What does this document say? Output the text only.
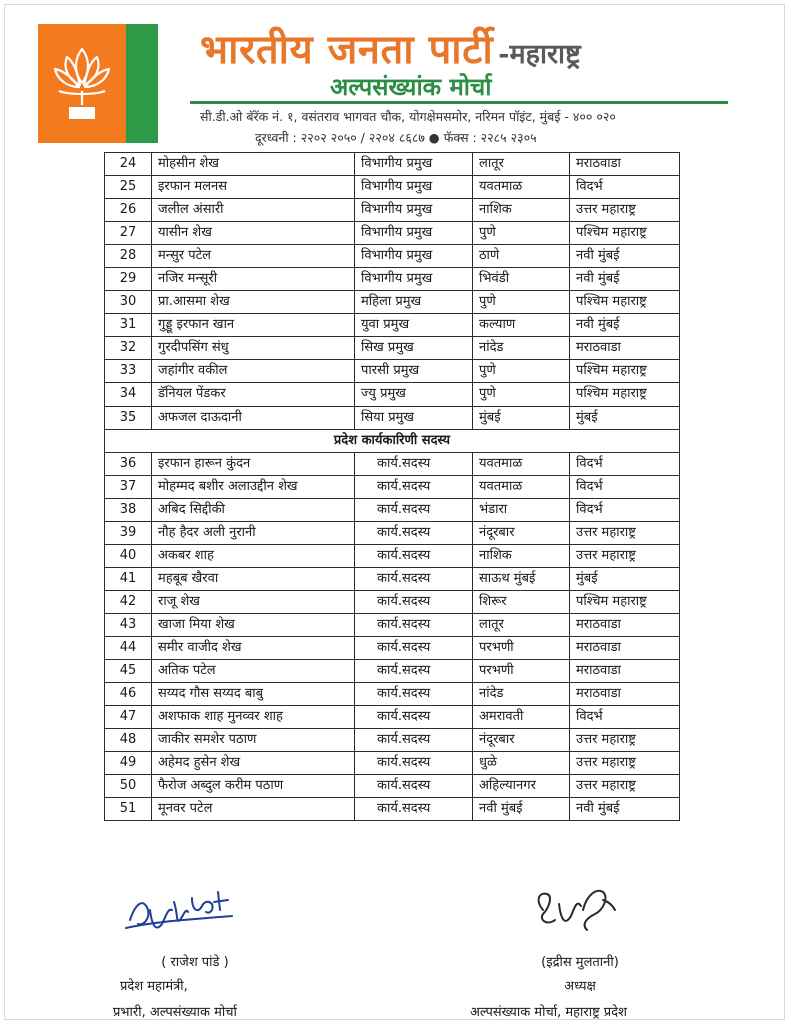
भारतीय जनता पार्टी -महाराष्ट्र
अल्पसंख्यांक मोर्चा
सी.डी.ओ बॅरॅक नं. १, वसंतराव भागवत चौक, योगक्षेमसमोर, नरिमन पॉइंट, मुंबई - ४०० ०२०
दूरध्वनी : २२०२ २०५० / २२०४ ८६८७ ● फॅक्स : २२८५ २३०५
24	मोहसीन शेख	विभागीय प्रमुख	लातूर	मराठवाडा
25	इरफान मलनस	विभागीय प्रमुख	यवतमाळ	विदर्भ
26	जलील अंसारी	विभागीय प्रमुख	नाशिक	उत्तर महाराष्ट्र
27	यासीन शेख	विभागीय प्रमुख	पुणे	पश्चिम महाराष्ट्र
28	मन्सुर पटेल	विभागीय प्रमुख	ठाणे	नवी मुंबई
29	नजिर मन्सूरी	विभागीय प्रमुख	भिवंडी	नवी मुंबई
30	प्रा.आसमा शेख	महिला प्रमुख	पुणे	पश्चिम महाराष्ट्र
31	गुड्डू इरफान खान	युवा प्रमुख	कल्याण	नवी मुंबई
32	गुरदीपसिंग संधु	सिख प्रमुख	नांदेड	मराठवाडा
33	जहांगीर वकील	पारसी प्रमुख	पुणे	पश्चिम महाराष्ट्र
34	डॅनियल पेंडकर	ज्यु प्रमुख	पुणे	पश्चिम महाराष्ट्र
35	अफजल दाऊदानी	सिया प्रमुख	मुंबई	मुंबई
प्रदेश कार्यकारिणी सदस्य				
36	इरफान हारून कुंदन	कार्य.सदस्य	यवतमाळ	विदर्भ
37	मोहम्मद बशीर अलाउद्दीन शेख	कार्य.सदस्य	यवतमाळ	विदर्भ
38	अबिद सिद्दीकी	कार्य.सदस्य	भंडारा	विदर्भ
39	नौह हैदर अली नुरानी	कार्य.सदस्य	नंदूरबार	उत्तर महाराष्ट्र
40	अकबर शाह	कार्य.सदस्य	नाशिक	उत्तर महाराष्ट्र
41	महबूब खैरवा	कार्य.सदस्य	साऊथ मुंबई	मुंबई
42	राजू शेख	कार्य.सदस्य	शिरूर	पश्चिम महाराष्ट्र
43	खाजा मिया शेख	कार्य.सदस्य	लातूर	मराठवाडा
44	समीर वाजीद शेख	कार्य.सदस्य	परभणी	मराठवाडा
45	अतिक पटेल	कार्य.सदस्य	परभणी	मराठवाडा
46	सय्यद गौस सय्यद बाबु	कार्य.सदस्य	नांदेड	मराठवाडा
47	अशफाक शाह मुनव्वर शाह	कार्य.सदस्य	अमरावती	विदर्भ
48	जाकीर समशेर पठाण	कार्य.सदस्य	नंदूरबार	उत्तर महाराष्ट्र
49	अहेमद हुसेन शेख	कार्य.सदस्य	धुळे	उत्तर महाराष्ट्र
50	फैरोज अब्दुल करीम पठाण	कार्य.सदस्य	अहिल्यानगर	उत्तर महाराष्ट्र
51	मूनवर पटेल	कार्य.सदस्य	नवी मुंबई	नवी मुंबई
( राजेश पांडे )
प्रदेश महामंत्री,
प्रभारी, अल्पसंख्याक मोर्चा
(इद्रीस मुलतानी)
अध्यक्ष
अल्पसंख्याक मोर्चा, महाराष्ट्र प्रदेश
